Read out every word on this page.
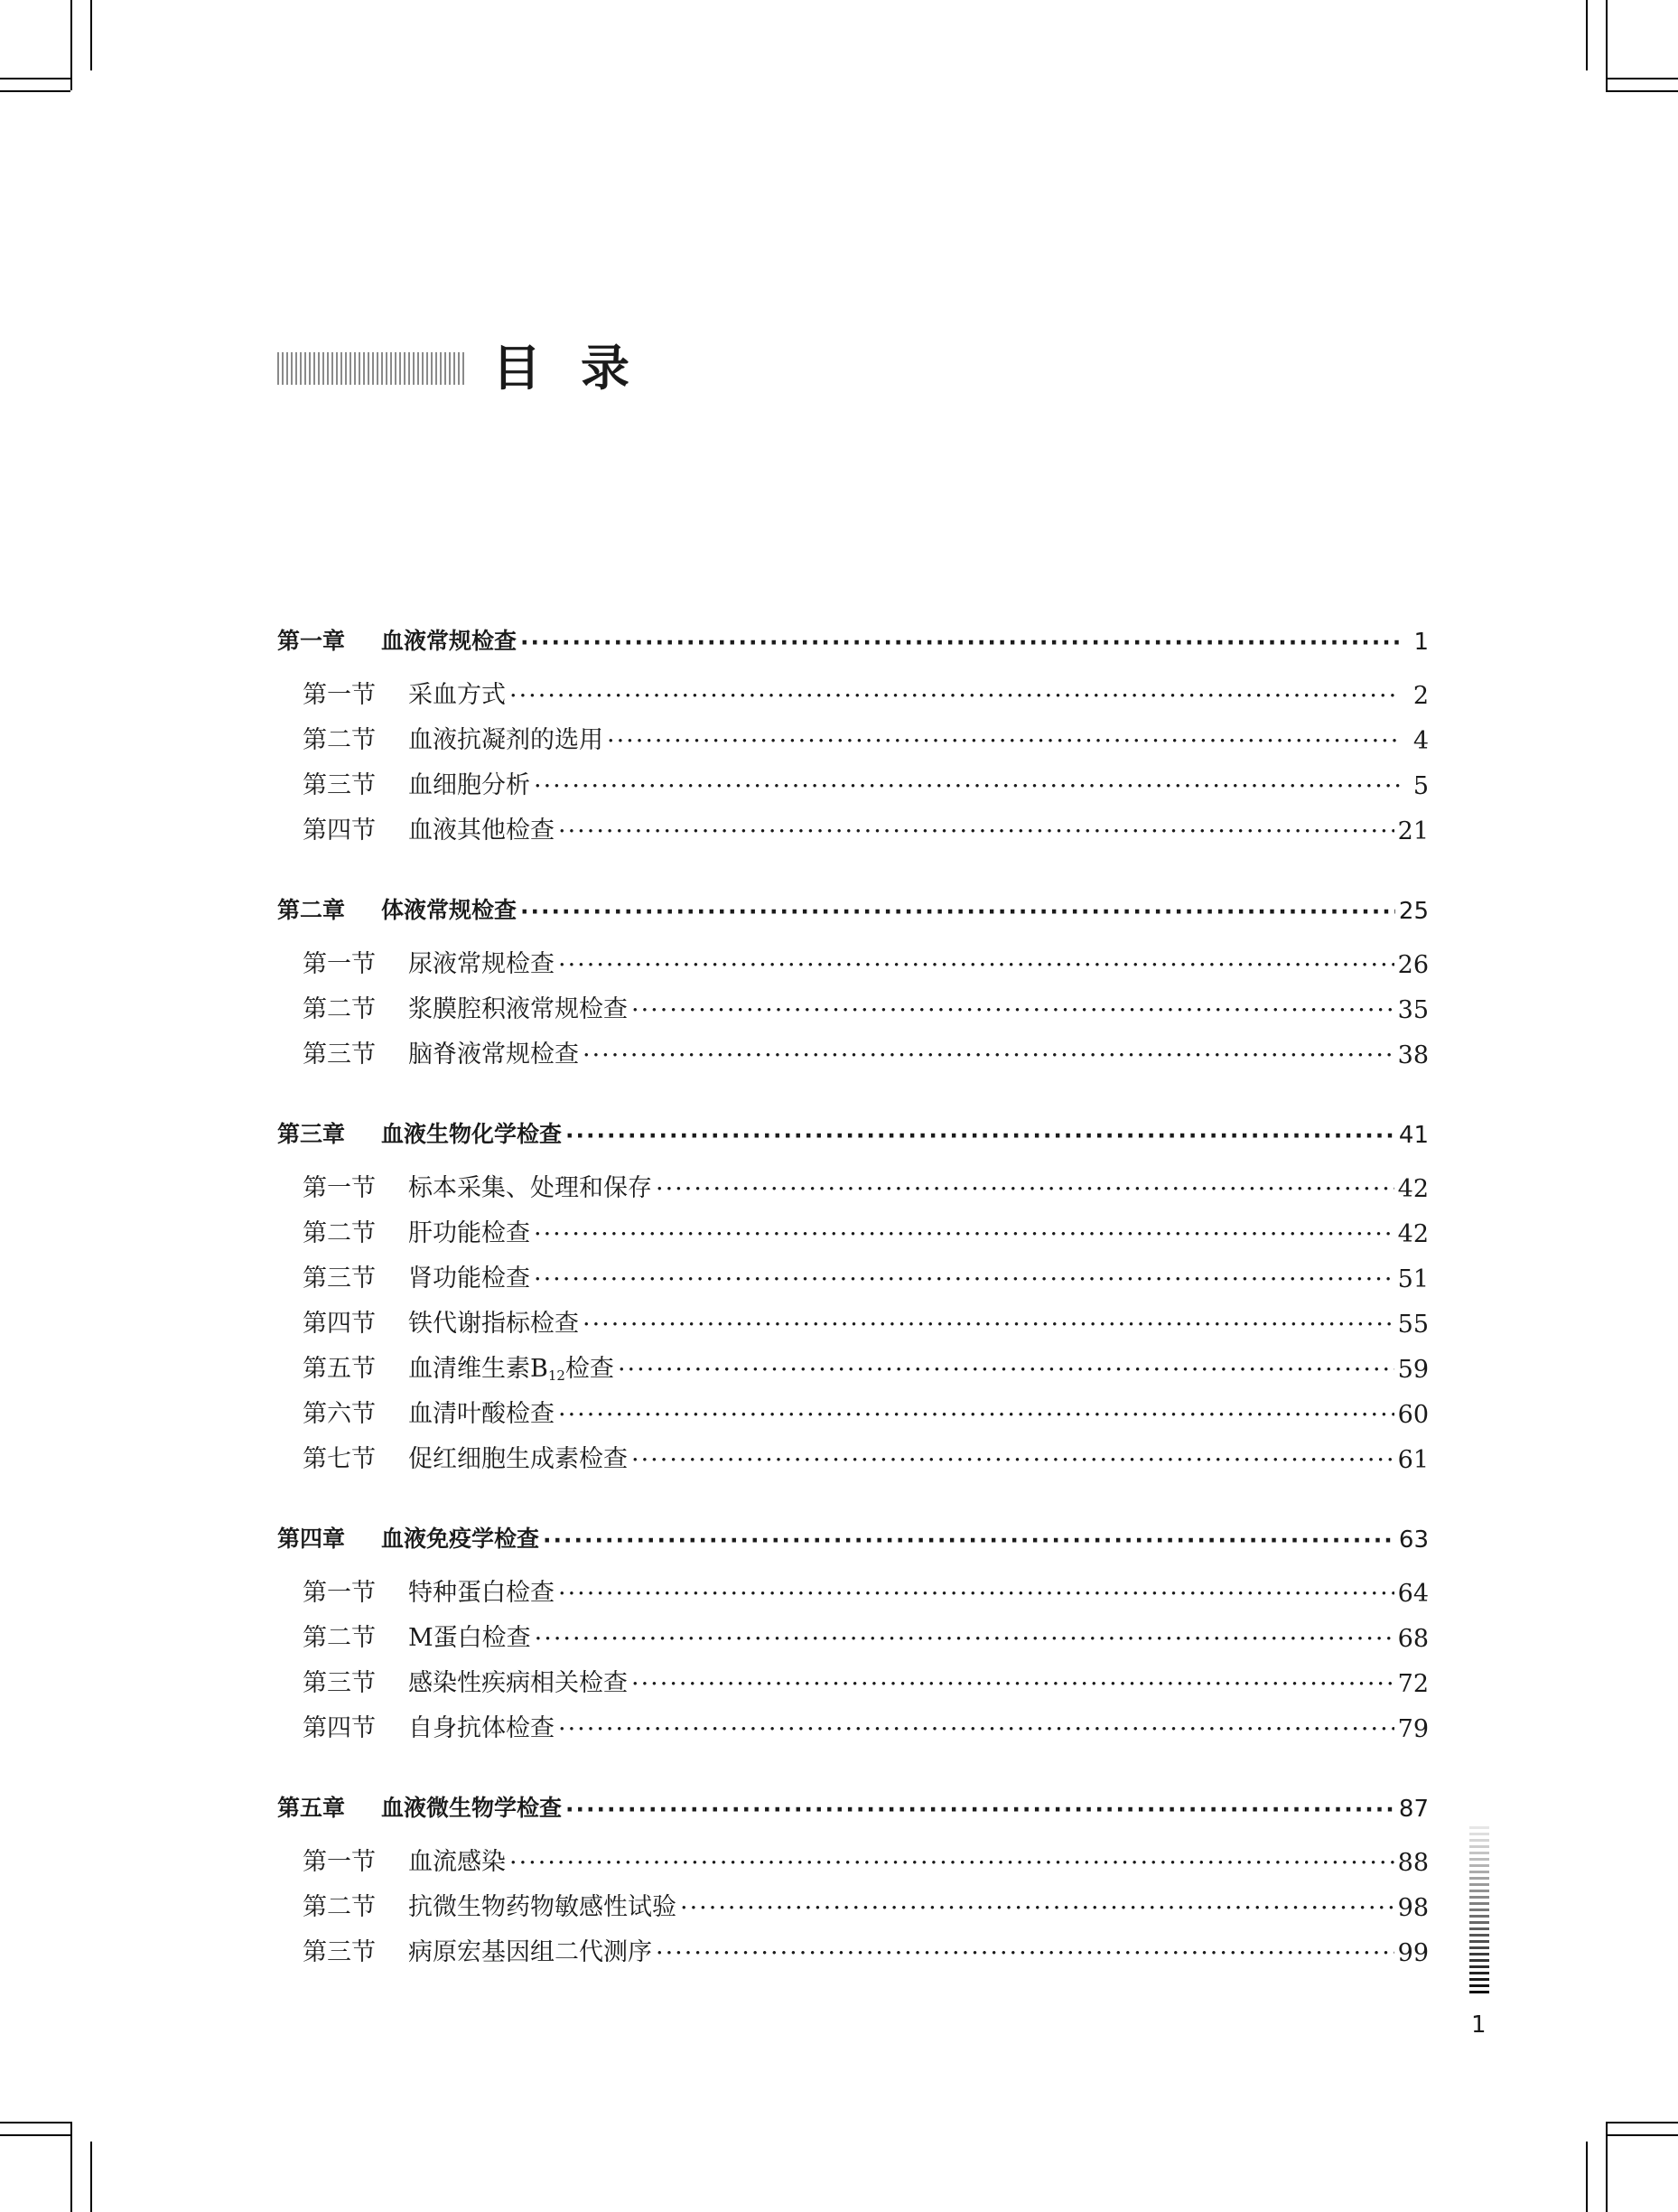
目录
第一章	血液常规检查 ·····	1
第一节	采血方式 ·····	2
第二节	血液抗凝剂的选用 ·····	4
第三节	血细胞分析 ·····	5
第四节	血液其他检查 ·····	21
第二章	体液常规检查 ·····	25
第一节	尿液常规检查 ·····	26
第二节	浆膜腔积液常规检查 ·····	35
第三节	脑脊液常规检查 ·····	38
第三章	血液生物化学检查 ·····	41
第一节	标本采集、处理和保存 ·····	42
第二节	肝功能检查 ·····	42
第三节	肾功能检查 ·····	51
第四节	铁代谢指标检查 ·····	55
第五节	血清维生素$B_{12}$检查 ·····	59
第六节	血清叶酸检查 ·····	60
第七节	促红细胞生成素检查 ·····	61
第四章	血液免疫学检查 ·····	63
第一节	特种蛋白检查 ·····	64
第二节	M蛋白检查 ·····	68
第三节	感染性疾病相关检查 ·····	72
第四节	自身抗体检查 ·····	79
第五章	血液微生物学检查 ·····	87
第一节	血流感染 ·····	88
第二节	抗微生物药物敏感性试验 ·····	98
第三节	病原宏基因组二代测序 ·····	99
1
